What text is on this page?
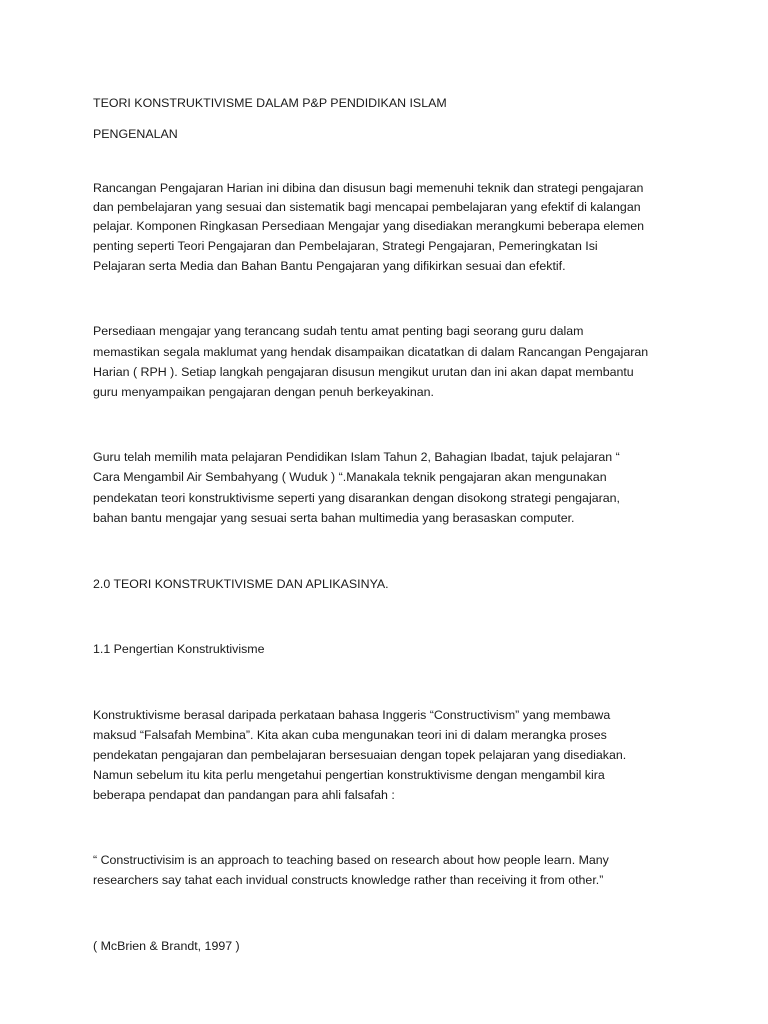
TEORI KONSTRUKTIVISME DALAM P&P PENDIDIKAN ISLAM
PENGENALAN
Rancangan Pengajaran Harian ini dibina dan disusun bagi memenuhi teknik dan strategi pengajaran
dan pembelajaran yang sesuai dan sistematik bagi mencapai pembelajaran yang efektif di kalangan
pelajar. Komponen Ringkasan Persediaan Mengajar yang disediakan merangkumi beberapa elemen
penting seperti Teori Pengajaran dan Pembelajaran, Strategi Pengajaran, Pemeringkatan Isi
Pelajaran serta Media dan Bahan Bantu Pengajaran yang difikirkan sesuai dan efektif.
Persediaan mengajar yang terancang sudah tentu amat penting bagi seorang guru dalam
memastikan segala maklumat yang hendak disampaikan dicatatkan di dalam Rancangan Pengajaran
Harian ( RPH ). Setiap langkah pengajaran disusun mengikut urutan dan ini akan dapat membantu
guru menyampaikan pengajaran dengan penuh berkeyakinan.
Guru telah memilih mata pelajaran Pendidikan Islam Tahun 2, Bahagian Ibadat, tajuk pelajaran “
Cara Mengambil Air Sembahyang ( Wuduk ) “.Manakala teknik pengajaran akan mengunakan
pendekatan teori konstruktivisme seperti yang disarankan dengan disokong strategi pengajaran,
bahan bantu mengajar yang sesuai serta bahan multimedia yang berasaskan computer.
2.0 TEORI KONSTRUKTIVISME DAN APLIKASINYA.
1.1 Pengertian Konstruktivisme
Konstruktivisme berasal daripada perkataan bahasa Inggeris “Constructivism” yang membawa
maksud “Falsafah Membina”. Kita akan cuba mengunakan teori ini di dalam merangka proses
pendekatan pengajaran dan pembelajaran bersesuaian dengan topek pelajaran yang disediakan.
Namun sebelum itu kita perlu mengetahui pengertian konstruktivisme dengan mengambil kira
beberapa pendapat dan pandangan para ahli falsafah :
“ Constructivisim is an approach to teaching based on research about how people learn. Many
researchers say tahat each invidual constructs knowledge rather than receiving it from other.”
( McBrien & Brandt, 1997 )
